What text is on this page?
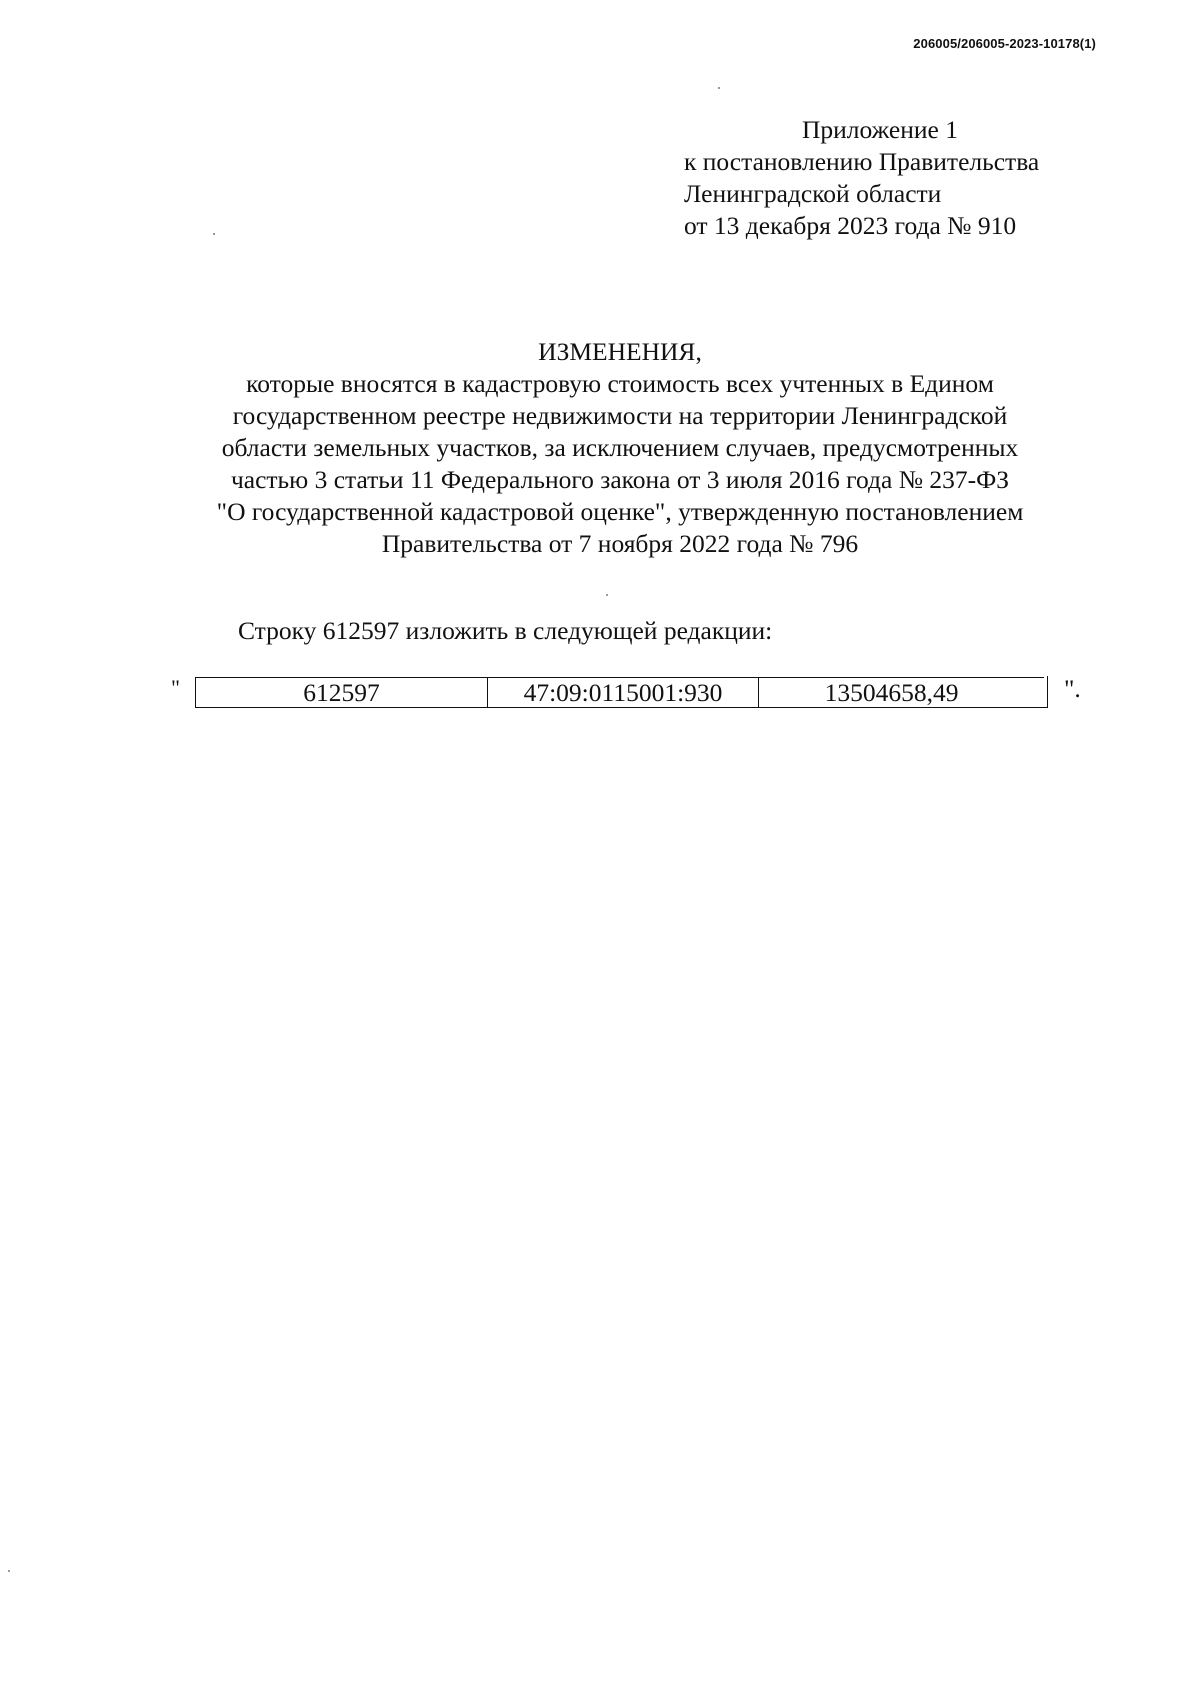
206005/206005-2023-10178(1)
Приложение 1
к постановлению Правительства
Ленинградской области
от 13 декабря 2023 года № 910
ИЗМЕНЕНИЯ,
которые вносятся в кадастровую стоимость всех учтенных в Едином
государственном реестре недвижимости на территории Ленинградской
области земельных участков, за исключением случаев, предусмотренных
частью 3 статьи 11 Федерального закона от 3 июля 2016 года № 237-ФЗ
"О государственной кадастровой оценке", утвержденную постановлением
Правительства от 7 ноября 2022 года № 796
Строку 612597 изложить в следующей редакции:
"	612597	47:09:0115001:930	13504658,49	".
